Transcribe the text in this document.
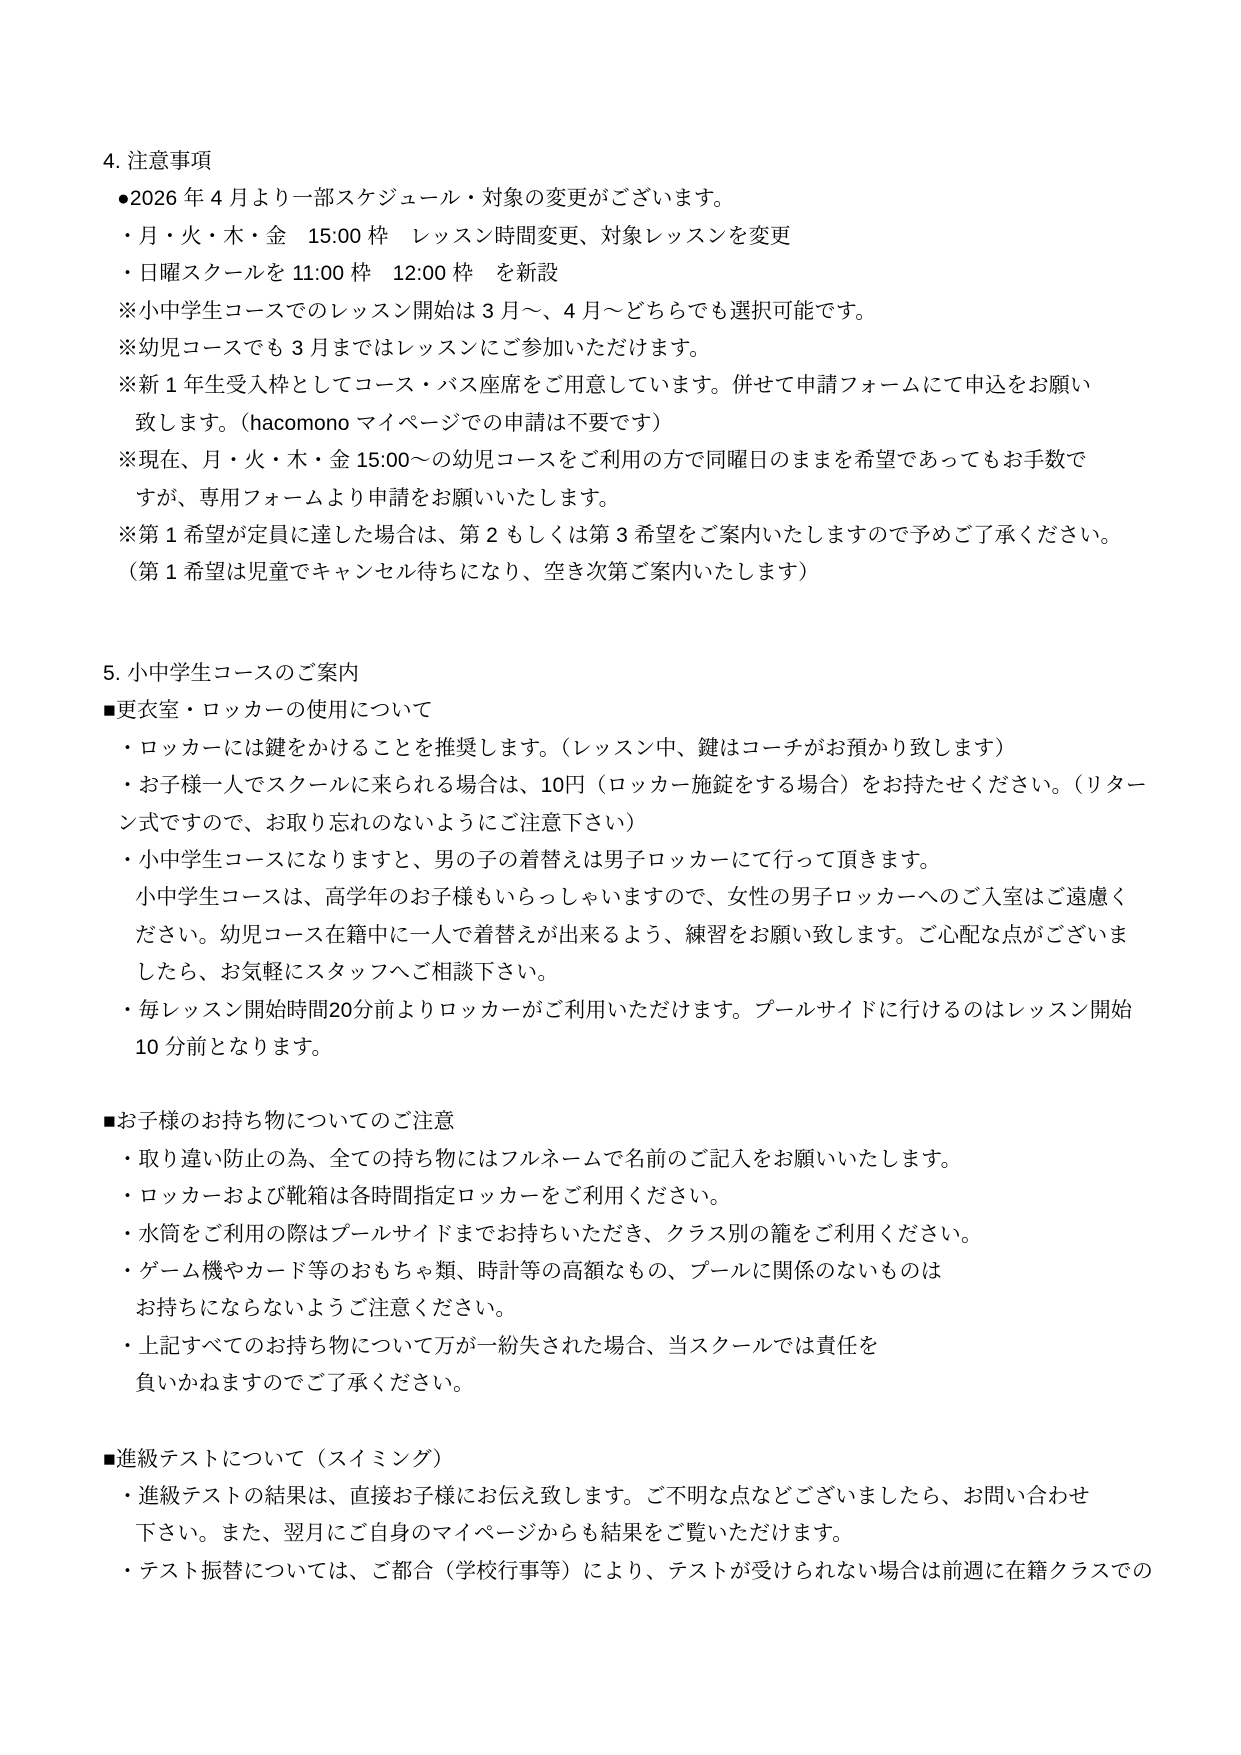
4. 注意事項
●2026 年 4 月より一部スケジュール・対象の変更がございます。
・月・火・木・金　15:00 枠　レッスン時間変更、対象レッスンを変更
・日曜スクールを 11:00 枠　12:00 枠　を新設
※小中学生コースでのレッスン開始は 3 月～、4 月～どちらでも選択可能です。
※幼児コースでも 3 月まではレッスンにご参加いただけます。
※新 1 年生受入枠としてコース・バス座席をご用意しています。併せて申請フォームにて申込をお願い
致します。（hacomono マイページでの申請は不要です）
※現在、月・火・木・金 15:00～の幼児コースをご利用の方で同曜日のままを希望であってもお手数で
すが、専用フォームより申請をお願いいたします。
※第 1 希望が定員に達した場合は、第 2 もしくは第 3 希望をご案内いたしますので予めご了承ください。
（第 1 希望は児童でキャンセル待ちになり、空き次第ご案内いたします）
5. 小中学生コースのご案内
■更衣室・ロッカーの使用について
・ロッカーには鍵をかけることを推奨します。（レッスン中、鍵はコーチがお預かり致します）
・お子様一人でスクールに来られる場合は、10円（ロッカー施錠をする場合）をお持たせください。（リター
ン式ですので、お取り忘れのないようにご注意下さい）
・小中学生コースになりますと、男の子の着替えは男子ロッカーにて行って頂きます。
小中学生コースは、高学年のお子様もいらっしゃいますので、女性の男子ロッカーへのご入室はご遠慮く
ださい。幼児コース在籍中に一人で着替えが出来るよう、練習をお願い致します。ご心配な点がございま
したら、お気軽にスタッフへご相談下さい。
・毎レッスン開始時間20分前よりロッカーがご利用いただけます。プールサイドに行けるのはレッスン開始
10 分前となります。
■お子様のお持ち物についてのご注意
・取り違い防止の為、全ての持ち物にはフルネームで名前のご記入をお願いいたします。
・ロッカーおよび靴箱は各時間指定ロッカーをご利用ください。
・水筒をご利用の際はプールサイドまでお持ちいただき、クラス別の籠をご利用ください。
・ゲーム機やカード等のおもちゃ類、時計等の高額なもの、プールに関係のないものは
お持ちにならないようご注意ください。
・上記すべてのお持ち物について万が一紛失された場合、当スクールでは責任を
負いかねますのでご了承ください。
■進級テストについて（スイミング）
・進級テストの結果は、直接お子様にお伝え致します。ご不明な点などございましたら、お問い合わせ
下さい。また、翌月にご自身のマイページからも結果をご覧いただけます。
・テスト振替については、ご都合（学校行事等）により、テストが受けられない場合は前週に在籍クラスでの
